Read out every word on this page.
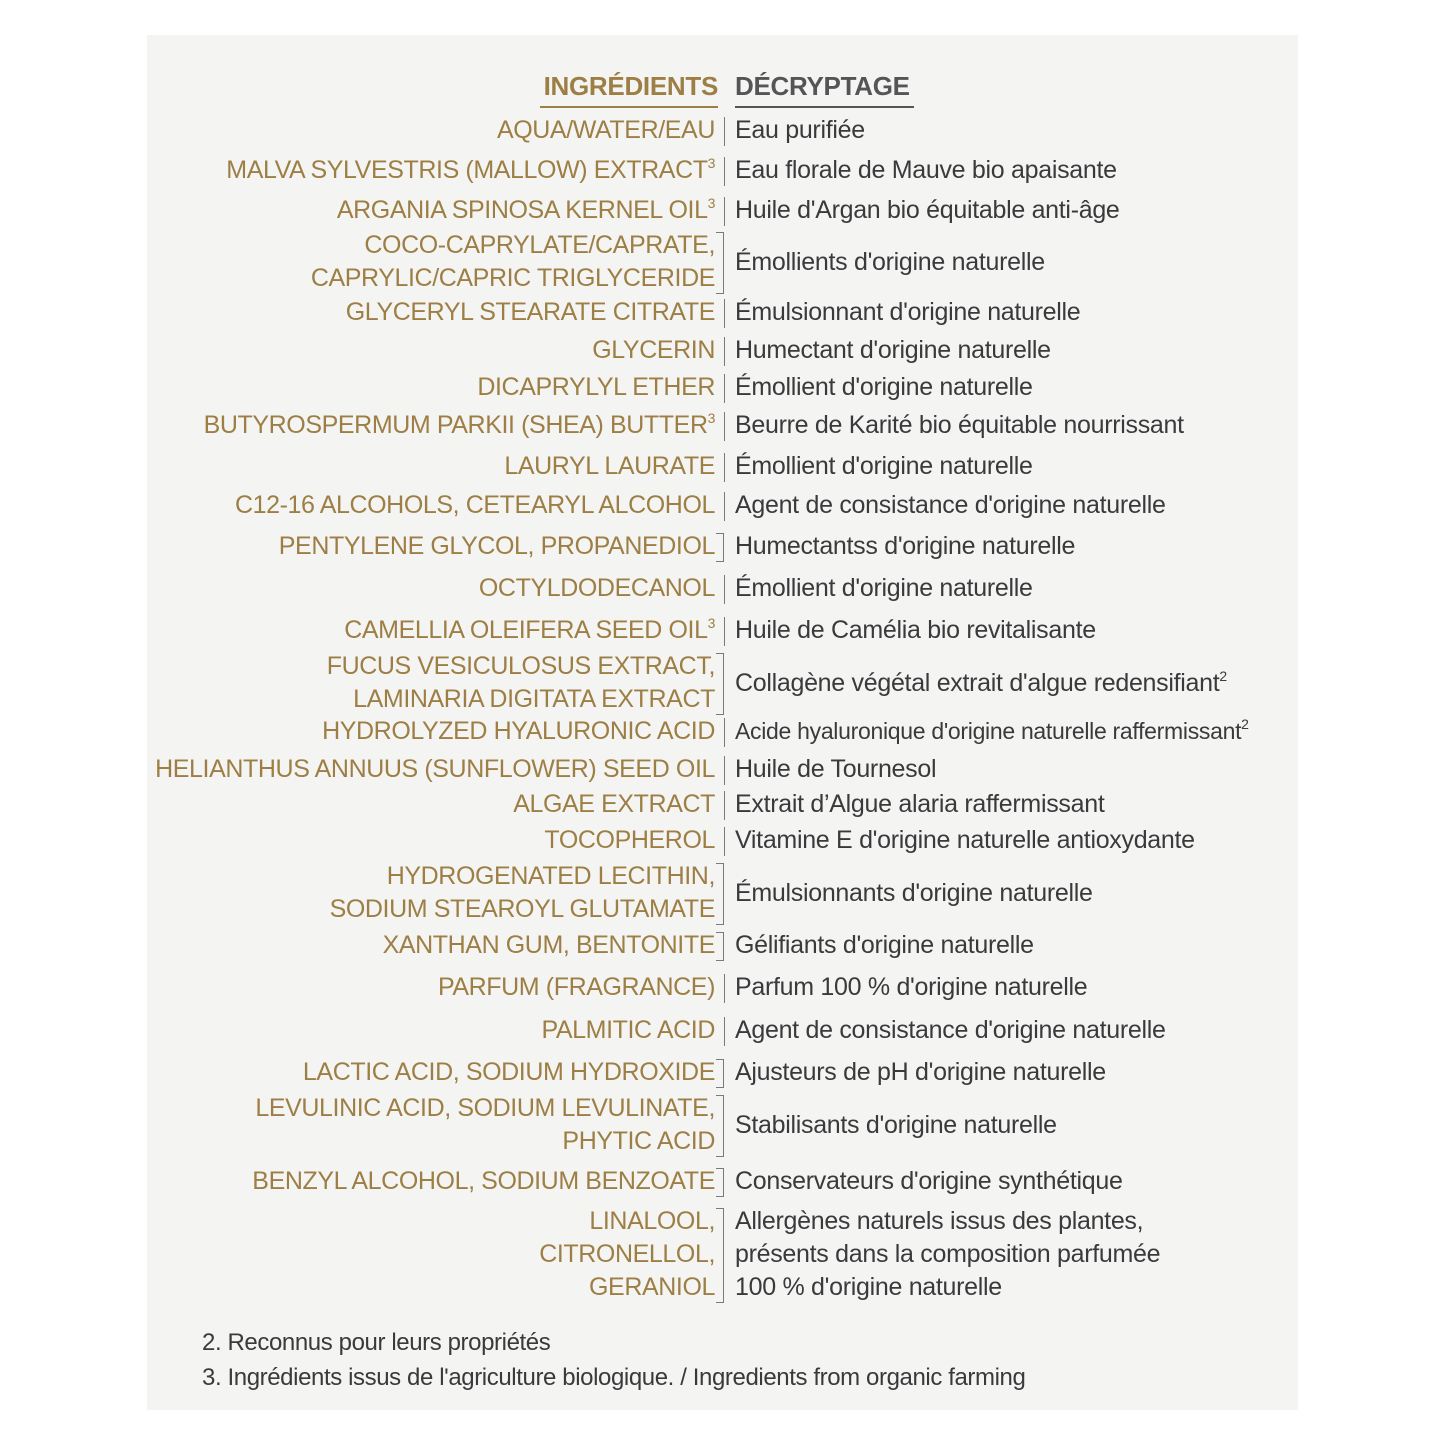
INGRÉDIENTS DÉCRYPTAGE
AQUA/WATER/EAU Eau purifiée
MALVA SYLVESTRIS (MALLOW) EXTRACT$^3$ Eau florale de Mauve bio apaisante
ARGANIA SPINOSA KERNEL OIL$^3$ Huile d'Argan bio équitable anti-âge
COCO-CAPRYLATE/CAPRATE,
CAPRYLIC/CAPRIC TRIGLYCERIDE
Émollients d'origine naturelle
GLYCERYL STEARATE CITRATE Émulsionnant d'origine naturelle
GLYCERIN Humectant d'origine naturelle
DICAPRYLYL ETHER Émollient d'origine naturelle
BUTYROSPERMUM PARKII (SHEA) BUTTER$^3$ Beurre de Karité bio équitable nourrissant
LAURYL LAURATE Émollient d'origine naturelle
C12-16 ALCOHOLS, CETEARYL ALCOHOL Agent de consistance d'origine naturelle
PENTYLENE GLYCOL, PROPANEDIOL Humectantss d'origine naturelle
OCTYLDODECANOL Émollient d'origine naturelle
CAMELLIA OLEIFERA SEED OIL$^3$ Huile de Camélia bio revitalisante
FUCUS VESICULOSUS EXTRACT,
LAMINARIA DIGITATA EXTRACT
Collagène végétal extrait d'algue redensifiant$^2$
HYDROLYZED HYALURONIC ACID Acide hyaluronique d'origine naturelle raffermissant$^2$
HELIANTHUS ANNUUS (SUNFLOWER) SEED OIL Huile de Tournesol
ALGAE EXTRACT Extrait d’Algue alaria raffermissant
TOCOPHEROL Vitamine E d'origine naturelle antioxydante
HYDROGENATED LECITHIN,
SODIUM STEAROYL GLUTAMATE
Émulsionnants d'origine naturelle
XANTHAN GUM, BENTONITE Gélifiants d'origine naturelle
PARFUM (FRAGRANCE) Parfum 100 % d'origine naturelle
PALMITIC ACID Agent de consistance d'origine naturelle
LACTIC ACID, SODIUM HYDROXIDE Ajusteurs de pH d'origine naturelle
LEVULINIC ACID, SODIUM LEVULINATE,
PHYTIC ACID
Stabilisants d'origine naturelle
BENZYL ALCOHOL, SODIUM BENZOATE Conservateurs d'origine synthétique
LINALOOL,
CITRONELLOL,
GERANIOL
Allergènes naturels issus des plantes,
présents dans la composition parfumée
100 % d'origine naturelle
2. Reconnus pour leurs propriétés
3. Ingrédients issus de l'agriculture biologique. / Ingredients from organic farming
